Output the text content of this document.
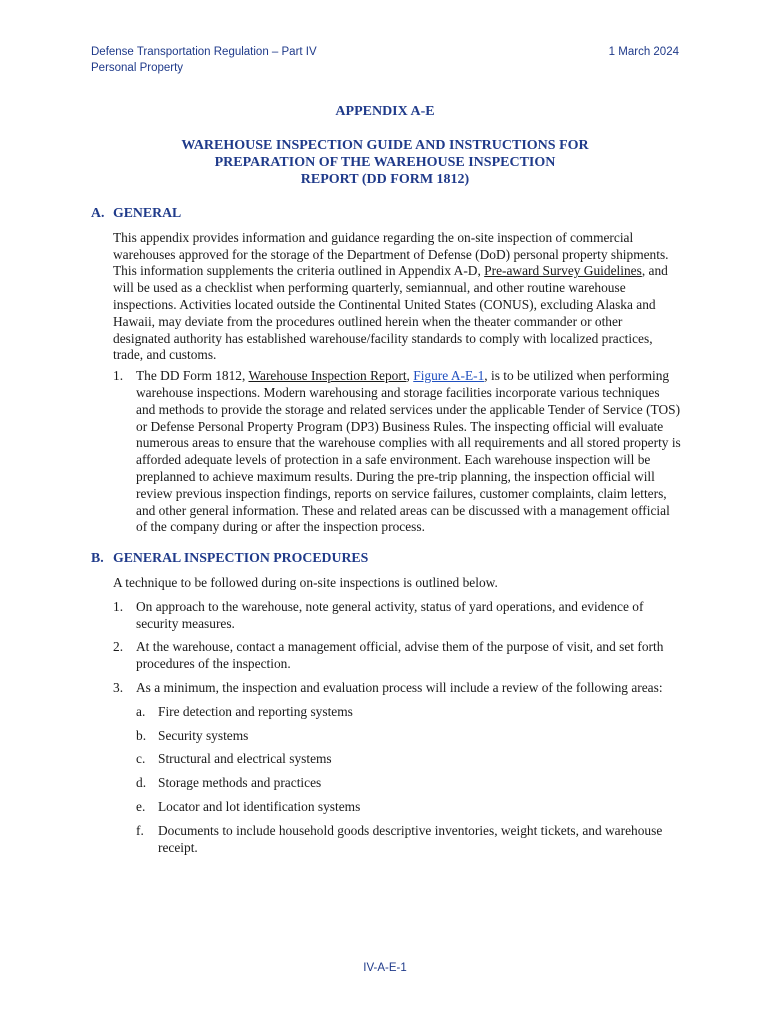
Defense Transportation Regulation – Part IV
Personal Property
1 March 2024
APPENDIX A-E
WAREHOUSE INSPECTION GUIDE AND INSTRUCTIONS FOR
PREPARATION OF THE WAREHOUSE INSPECTION
REPORT (DD FORM 1812)
A. GENERAL
This appendix provides information and guidance regarding the on-site inspection of commercial warehouses approved for the storage of the Department of Defense (DoD) personal property shipments. This information supplements the criteria outlined in Appendix A-D, Pre-award Survey Guidelines, and will be used as a checklist when performing quarterly, semiannual, and other routine warehouse inspections. Activities located outside the Continental United States (CONUS), excluding Alaska and Hawaii, may deviate from the procedures outlined herein when the theater commander or other designated authority has established warehouse/facility standards to comply with localized practices, trade, and customs.
1. The DD Form 1812, Warehouse Inspection Report, Figure A-E-1, is to be utilized when performing warehouse inspections. Modern warehousing and storage facilities incorporate various techniques and methods to provide the storage and related services under the applicable Tender of Service (TOS) or Defense Personal Property Program (DP3) Business Rules. The inspecting official will evaluate numerous areas to ensure that the warehouse complies with all requirements and all stored property is afforded adequate levels of protection in a safe environment. Each warehouse inspection will be preplanned to achieve maximum results. During the pre-trip planning, the inspection official will review previous inspection findings, reports on service failures, customer complaints, claim letters, and other general information. These and related areas can be discussed with a management official of the company during or after the inspection process.
B. GENERAL INSPECTION PROCEDURES
A technique to be followed during on-site inspections is outlined below.
1. On approach to the warehouse, note general activity, status of yard operations, and evidence of security measures.
2. At the warehouse, contact a management official, advise them of the purpose of visit, and set forth procedures of the inspection.
3. As a minimum, the inspection and evaluation process will include a review of the following areas:
a. Fire detection and reporting systems
b. Security systems
c. Structural and electrical systems
d. Storage methods and practices
e. Locator and lot identification systems
f. Documents to include household goods descriptive inventories, weight tickets, and warehouse receipt.
IV-A-E-1
